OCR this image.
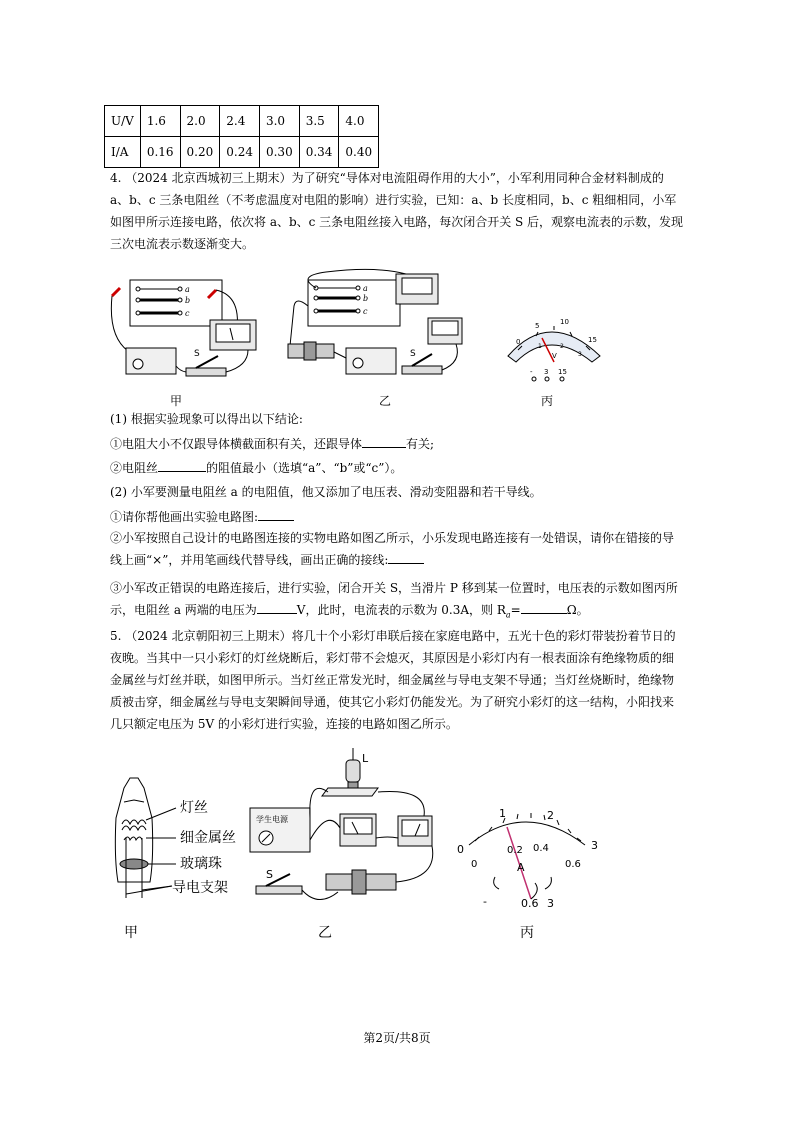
U/V	1.6	2.0	2.4	3.0	3.5	4.0
I/A	0.16	0.20	0.24	0.30	0.34	0.40
4. （2024 北京西城初三上期末）为了研究“导体对电流阻碍作用的大小”，小军利用同种合金材料制成的 a、b、c 三条电阻丝（不考虑温度对电阻的影响）进行实验，已知：a、b 长度相同，b、c 粗细相同，小军如图甲所示连接电路，依次将 a、b、c 三条电阻丝接入电路，每次闭合开关 S 后，观察电流表的示数，发现三次电流表示数逐渐变大。
a
b
c
S
甲
a
b
c
S
乙
0
5	10
15
1	2
3
V
- 3 15
丙
(1) 根据实验现象可以得出以下结论:
①电阻大小不仅跟导体横截面积有关，还跟导体	有关;
②电阻丝	的阻值最小（选填“a”、“b”或“c”）。
(2) 小军要测量电阻丝 a 的电阻值，他又添加了电压表、滑动变阻器和若干导线。
①请你帮他画出实验电路图:
②小军按照自己设计的电路图连接的实物电路如图乙所示，小乐发现电路连接有一处错误，请你在错接的导线上画“×”，并用笔画线代替导线，画出正确的接线:
③小军改正错误的电路连接后，进行实验，闭合开关 S，当滑片 P 移到某一位置时，电压表的示数如图丙所示，电阻丝 a 两端的电压为	V，此时，电流表的示数为 0.3A，则 $R_a=$	Ω。
5. （2024 北京朝阳初三上期末）将几十个小彩灯串联后接在家庭电路中，五光十色的彩灯带装扮着节日的夜晚。当其中一只小彩灯的灯丝烧断后，彩灯带不会熄灭，其原因是小彩灯内有一根表面涂有绝缘物质的细金属丝与灯丝并联，如图甲所示。当灯丝正常发光时，细金属丝与导电支架不导通；当灯丝烧断时，绝缘物质被击穿，细金属丝与导电支架瞬间导通，使其它小彩灯仍能发光。为了研究小彩灯的这一结构，小阳找来几只额定电压为 5V 的小彩灯进行实验，连接的电路如图乙所示。
灯丝
细金属丝
玻璃珠
导电支架
甲
L
学生电源
S
乙
0
1	2
3
0
0.2 0.4
0.6
A
-	0.6 3
丙
第2页/共8页
